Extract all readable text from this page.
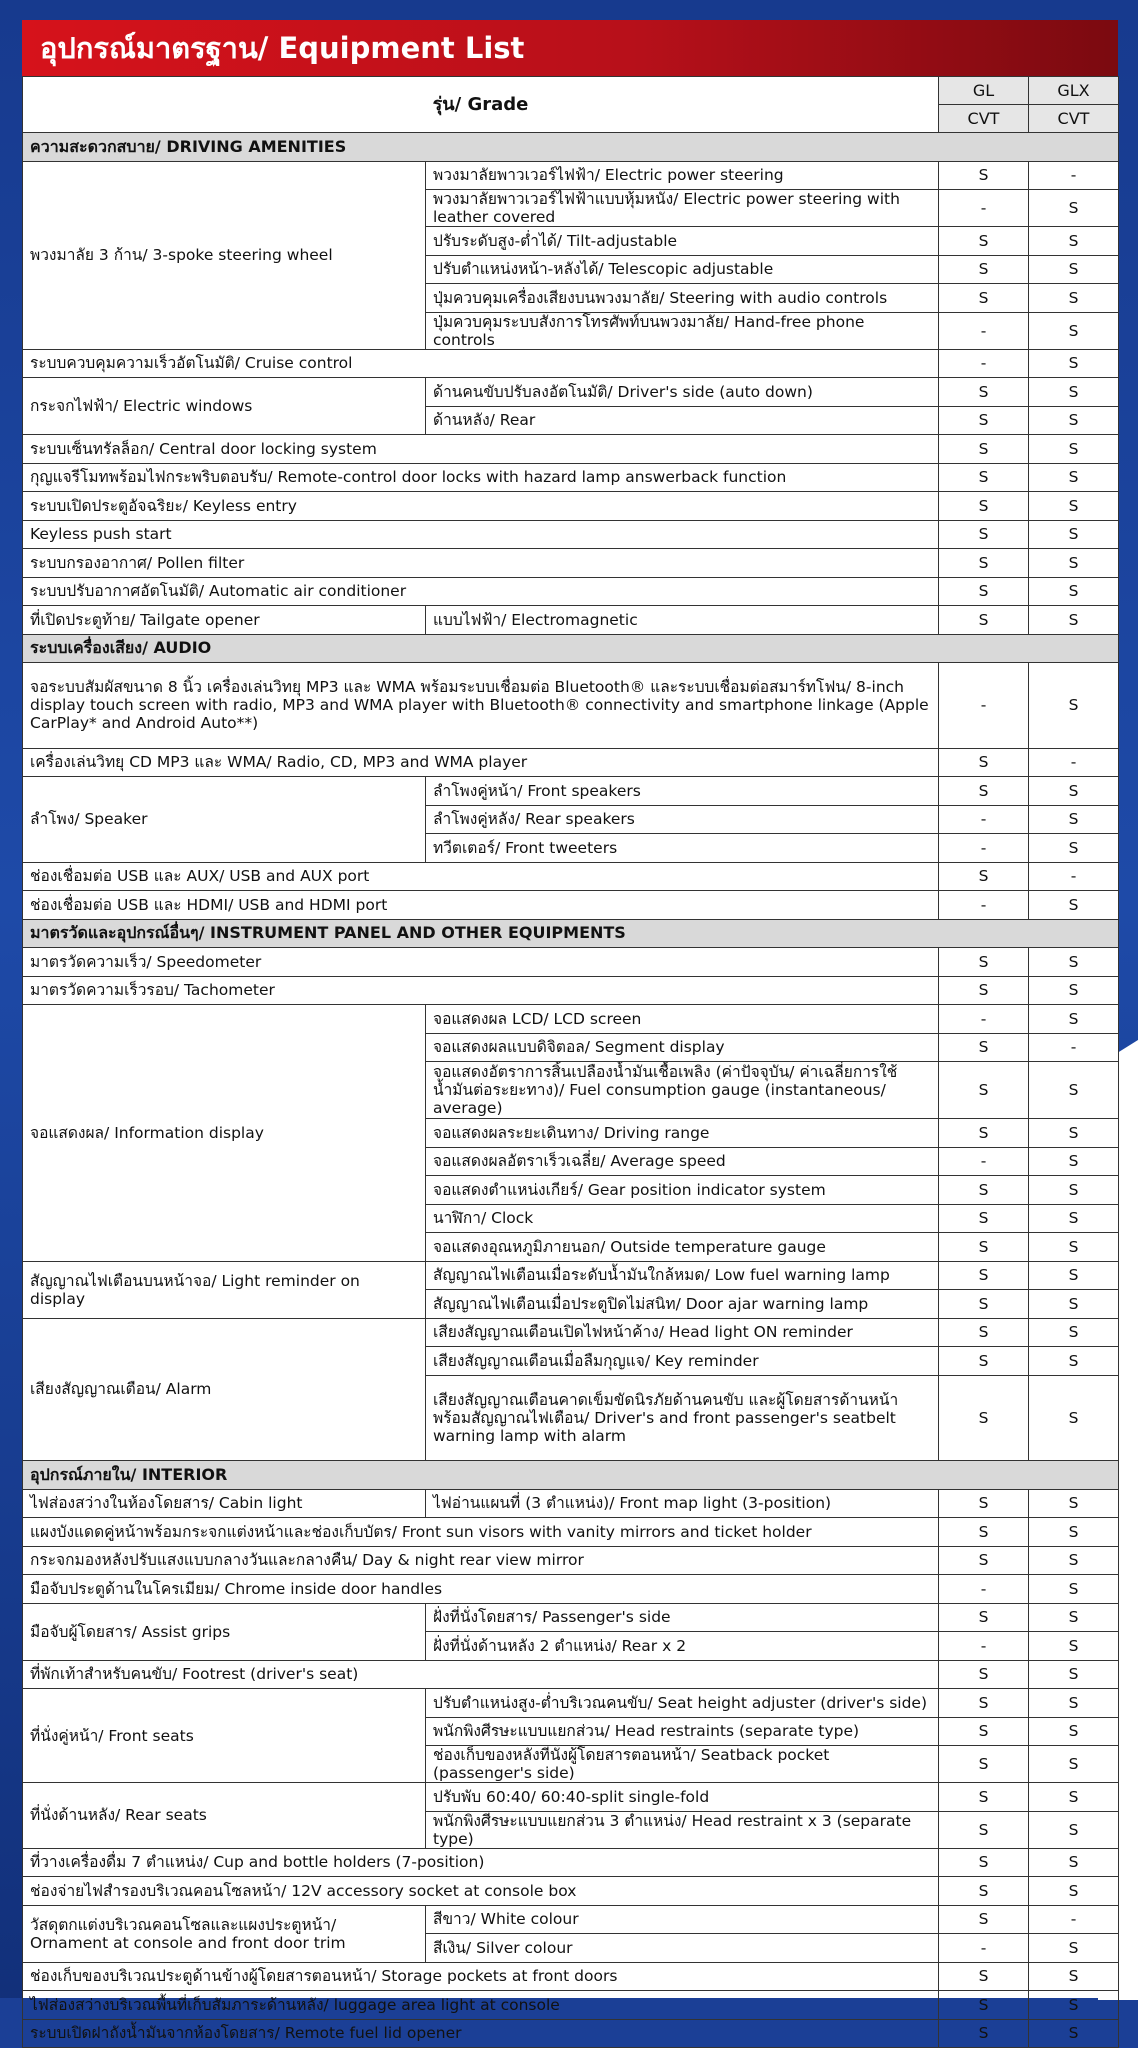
อุปกรณ์มาตรฐาน/ Equipment List
รุ่น/ Grade		GL	GLX
		CVT	CVT
ความสะดวกสบาย/ DRIVING AMENITIES			
พวงมาลัย 3 ก้าน/ 3-spoke steering wheel	พวงมาลัยพาวเวอร์ไฟฟ้า/ Electric power steering	S	-
	พวงมาลัยพาวเวอร์ไฟฟ้าแบบหุ้มหนัง/ Electric power steering with leather covered	-	S
	ปรับระดับสูง-ต่ำได้/ Tilt-adjustable	S	S
	ปรับตำแหน่งหน้า-หลังได้/ Telescopic adjustable	S	S
	ปุ่มควบคุมเครื่องเสียงบนพวงมาลัย/ Steering with audio controls	S	S
	ปุ่มควบคุมระบบสั่งการโทรศัพท์บนพวงมาลัย/ Hand-free phone controls	-	S
ระบบควบคุมความเร็วอัตโนมัติ/ Cruise control		-	S
กระจกไฟฟ้า/ Electric windows	ด้านคนขับปรับลงอัตโนมัติ/ Driver's side (auto down)	S	S
	ด้านหลัง/ Rear	S	S
ระบบเซ็นทรัลล็อก/ Central door locking system		S	S
กุญแจรีโมทพร้อมไฟกระพริบตอบรับ/ Remote-control door locks with hazard lamp answerback function		S	S
ระบบเปิดประตูอัจฉริยะ/ Keyless entry		S	S
Keyless push start		S	S
ระบบกรองอากาศ/ Pollen filter		S	S
ระบบปรับอากาศอัตโนมัติ/ Automatic air conditioner		S	S
ที่เปิดประตูท้าย/ Tailgate opener	แบบไฟฟ้า/ Electromagnetic	S	S
ระบบเครื่องเสียง/ AUDIO			
จอระบบสัมผัสขนาด 8 นิ้ว เครื่องเล่นวิทยุ MP3 และ WMA พร้อมระบบเชื่อมต่อ Bluetooth® และระบบเชื่อมต่อสมาร์ทโฟน/ 8-inch display touch screen with radio, MP3 and WMA player with Bluetooth® connectivity and smartphone linkage (Apple CarPlay* and Android Auto**)		-	S
เครื่องเล่นวิทยุ CD MP3 และ WMA/ Radio, CD, MP3 and WMA player		S	-
ลำโพง/ Speaker	ลำโพงคู่หน้า/ Front speakers	S	S
	ลำโพงคู่หลัง/ Rear speakers	-	S
	ทวีตเตอร์/ Front tweeters	-	S
ช่องเชื่อมต่อ USB และ AUX/ USB and AUX port		S	-
ช่องเชื่อมต่อ USB และ HDMI/ USB and HDMI port		-	S
มาตรวัดและอุปกรณ์อื่นๆ/ INSTRUMENT PANEL AND OTHER EQUIPMENTS			
มาตรวัดความเร็ว/ Speedometer		S	S
มาตรวัดความเร็วรอบ/ Tachometer		S	S
จอแสดงผล/ Information display	จอแสดงผล LCD/ LCD screen	-	S
	จอแสดงผลแบบดิจิตอล/ Segment display	S	-
	จอแสดงอัตราการสิ้นเปลืองน้ำมันเชื้อเพลิง (ค่าปัจจุบัน/ ค่าเฉลี่ยการใช้น้ำมันต่อระยะทาง)/ Fuel consumption gauge (instantaneous/ average)	S	S
	จอแสดงผลระยะเดินทาง/ Driving range	S	S
	จอแสดงผลอัตราเร็วเฉลี่ย/ Average speed	-	S
	จอแสดงตำแหน่งเกียร์/ Gear position indicator system	S	S
	นาฬิกา/ Clock	S	S
	จอแสดงอุณหภูมิภายนอก/ Outside temperature gauge	S	S
สัญญาณไฟเตือนบนหน้าจอ/ Light reminder on display	สัญญาณไฟเตือนเมื่อระดับน้ำมันใกล้หมด/ Low fuel warning lamp	S	S
	สัญญาณไฟเตือนเมื่อประตูปิดไม่สนิท/ Door ajar warning lamp	S	S
เสียงสัญญาณเตือน/ Alarm	เสียงสัญญาณเตือนเปิดไฟหน้าค้าง/ Head light ON reminder	S	S
	เสียงสัญญาณเตือนเมื่อลืมกุญแจ/ Key reminder	S	S
	เสียงสัญญาณเตือนคาดเข็มขัดนิรภัยด้านคนขับ และผู้โดยสารด้านหน้าพร้อมสัญญาณไฟเตือน/ Driver's and front passenger's seatbelt warning lamp with alarm	S	S
อุปกรณ์ภายใน/ INTERIOR			
ไฟส่องสว่างในห้องโดยสาร/ Cabin light	ไฟอ่านแผนที่ (3 ตำแหน่ง)/ Front map light (3-position)	S	S
แผงบังแดดคู่หน้าพร้อมกระจกแต่งหน้าและช่องเก็บบัตร/ Front sun visors with vanity mirrors and ticket holder		S	S
กระจกมองหลังปรับแสงแบบกลางวันและกลางคืน/ Day & night rear view mirror		S	S
มือจับประตูด้านในโครเมียม/ Chrome inside door handles		-	S
มือจับผู้โดยสาร/ Assist grips	ฝั่งที่นั่งโดยสาร/ Passenger's side	S	S
	ฝั่งที่นั่งด้านหลัง 2 ตำแหน่ง/ Rear x 2	-	S
ที่พักเท้าสำหรับคนขับ/ Footrest (driver's seat)		S	S
ที่นั่งคู่หน้า/ Front seats	ปรับตำแหน่งสูง-ต่ำบริเวณคนขับ/ Seat height adjuster (driver's side)	S	S
	พนักพิงศีรษะแบบแยกส่วน/ Head restraints (separate type)	S	S
	ช่องเก็บของหลังที่นั่งผู้โดยสารตอนหน้า/ Seatback pocket (passenger's side)	S	S
ที่นั่งด้านหลัง/ Rear seats	ปรับพับ 60:40/ 60:40-split single-fold	S	S
	พนักพิงศีรษะแบบแยกส่วน 3 ตำแหน่ง/ Head restraint x 3 (separate type)	S	S
ที่วางเครื่องดื่ม 7 ตำแหน่ง/ Cup and bottle holders (7-position)		S	S
ช่องจ่ายไฟสำรองบริเวณคอนโซลหน้า/ 12V accessory socket at console box		S	S
วัสดุตกแต่งบริเวณคอนโซลและแผงประตูหน้า/ Ornament at console and front door trim	สีขาว/ White colour	S	-
	สีเงิน/ Silver colour	-	S
ช่องเก็บของบริเวณประตูด้านข้างผู้โดยสารตอนหน้า/ Storage pockets at front doors		S	S
ไฟส่องสว่างบริเวณพื้นที่เก็บสัมภาระด้านหลัง/ luggage area light at console		S	S
ระบบเปิดฝาถังน้ำมันจากห้องโดยสาร/ Remote fuel lid opener		S	S
